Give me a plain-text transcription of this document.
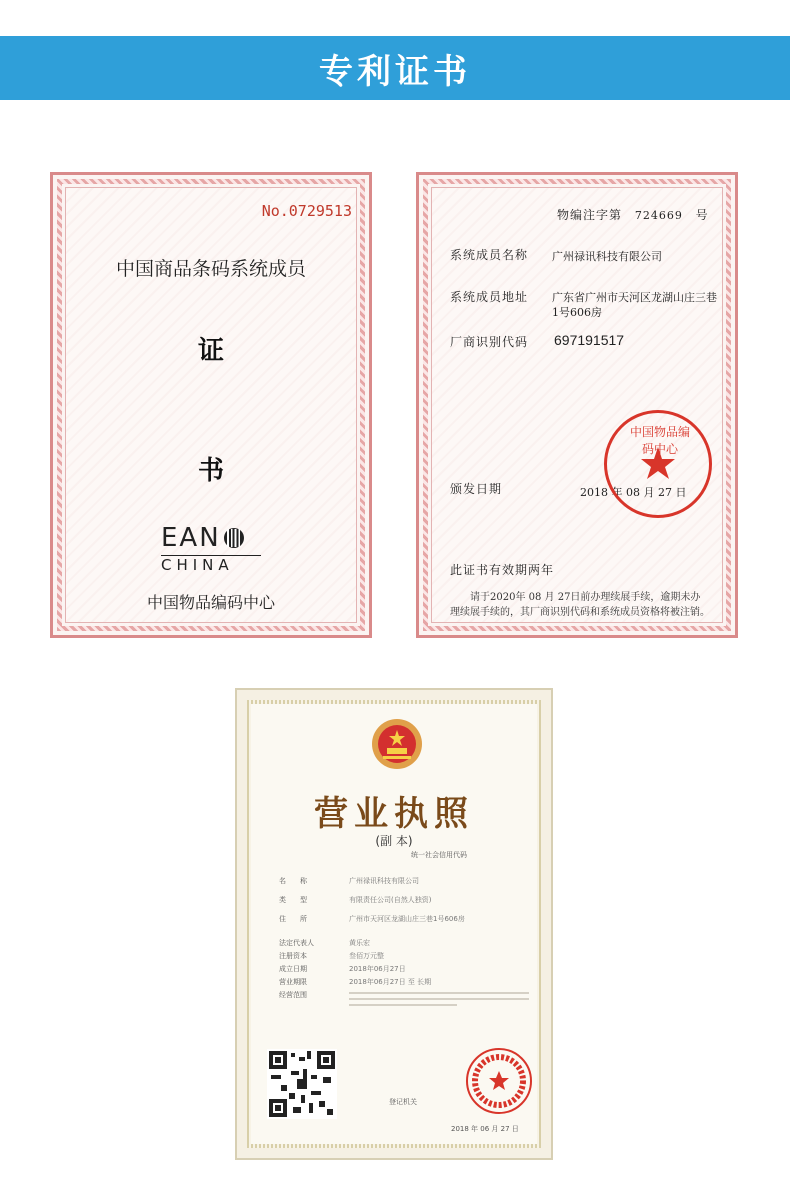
专利证书
No.0729513
中国商品条码系统成员
证
书
EAN
CHINA
中国物品编码中心
物编注字第 724669 号
系统成员名称 广州禄讯科技有限公司
系统成员地址 广东省广州市天河区龙湖山庄三巷1号606房
厂商识别代码 697191517
颁发日期	2018 年 08 月 27 日
中国物品编码中心
此证书有效期两年
请于2020年 08 月 27日前办理续展手续，逾期未办理续展手续的，其厂商识别代码和系统成员资格将被注销。
营业执照
(副 本)
统一社会信用代码
名　　称	广州禄讯科技有限公司
类　　型	有限责任公司(自然人独资)
住　　所	广州市天河区龙湖山庄三巷1号606房
法定代表人	黄乐宏
注册资本	叁佰万元整
成立日期	2018年06月27日
营业期限	2018年06月27日 至 长期
经营范围
登记机关
2018 年 06 月 27 日
